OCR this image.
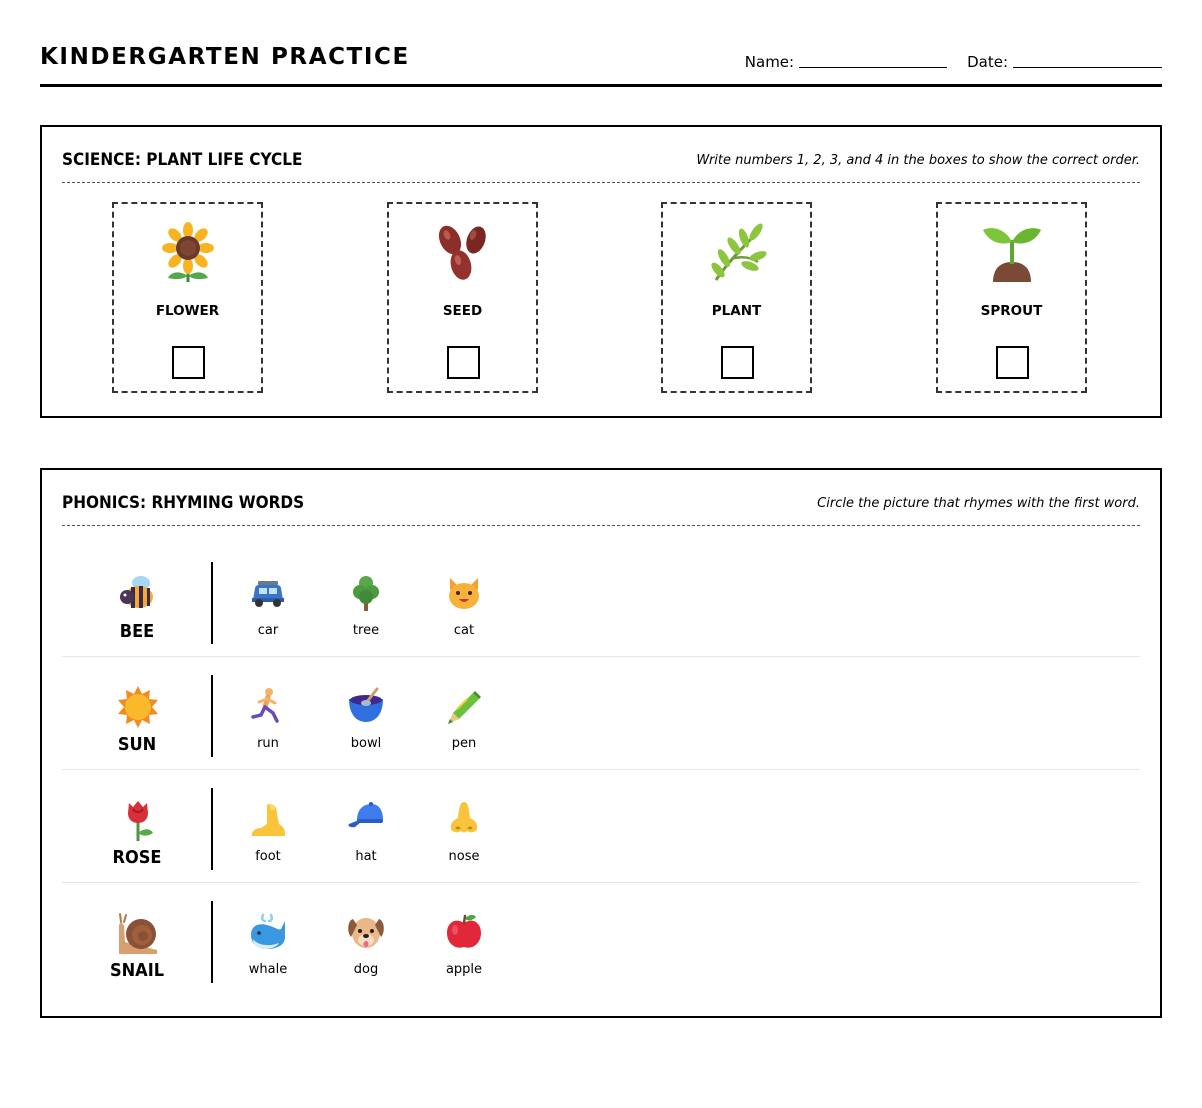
KINDERGARTEN PRACTICE	Name:	Date:
SCIENCE: PLANT LIFE CYCLE	Write numbers 1, 2, 3, and 4 in the boxes to show the correct order.
FLOWER	SEED	PLANT	SPROUT
PHONICS: RHYMING WORDS	Circle the picture that rhymes with the first word.
BEE	car	tree	cat
SUN	run	bowl	pen
ROSE	foot	hat	nose
SNAIL	whale	dog	apple
